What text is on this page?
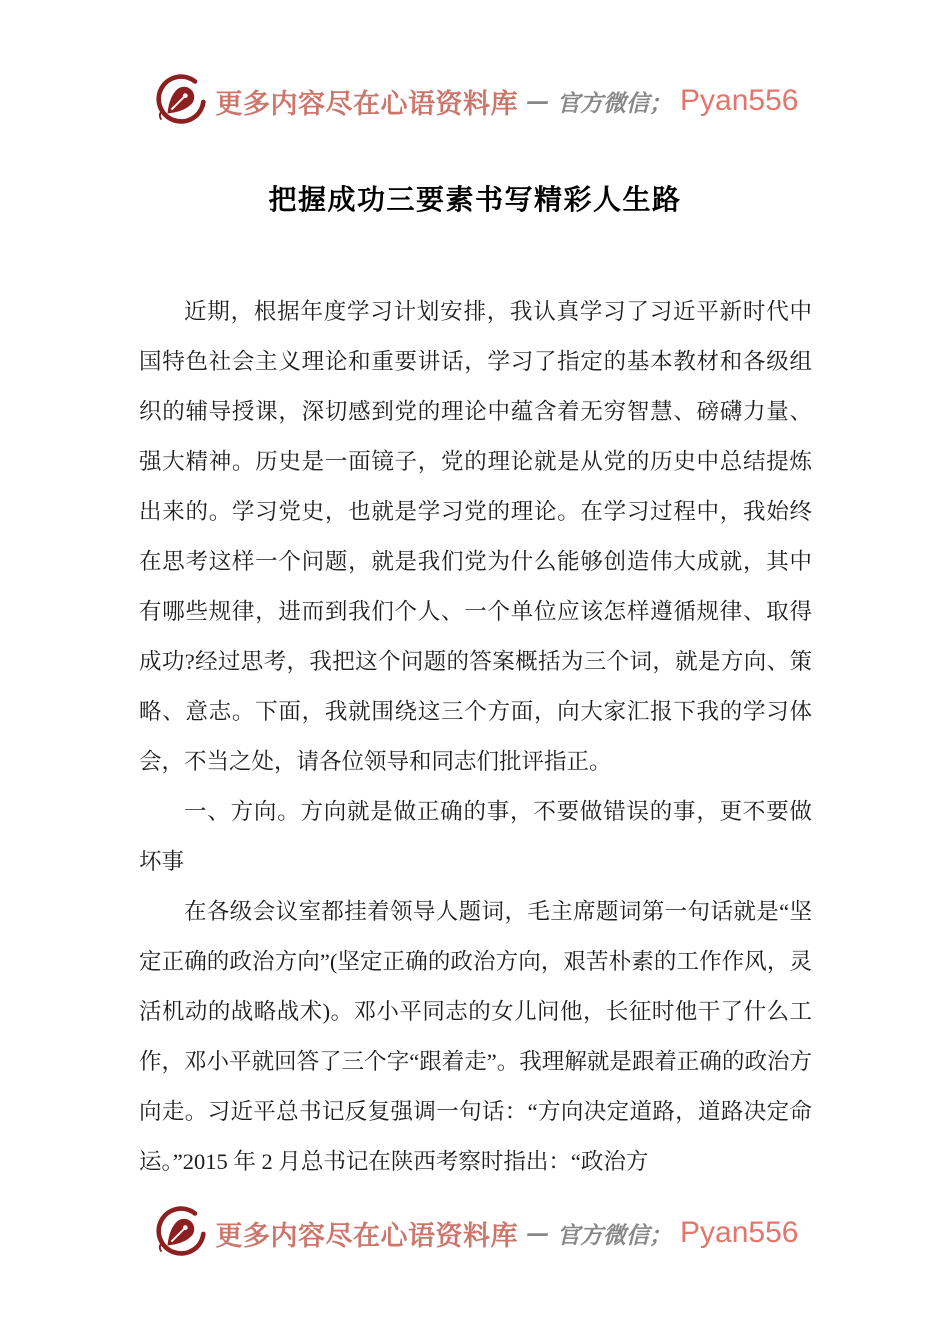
更多内容尽在心语资料库 — 官方微信； Pyan556
把握成功三要素书写精彩人生路

近期，根据年度学习计划安排，我认真学习了习近平新时代中国特色社会主义理论和重要讲话，学习了指定的基本教材和各级组织的辅导授课，深切感到党的理论中蕴含着无穷智慧、磅礴力量、强大精神。历史是一面镜子，党的理论就是从党的历史中总结提炼出来的。学习党史，也就是学习党的理论。在学习过程中，我始终在思考这样一个问题，就是我们党为什么能够创造伟大成就，其中有哪些规律，进而到我们个人、一个单位应该怎样遵循规律、取得成功?经过思考，我把这个问题的答案概括为三个词，就是方向、策略、意志。下面，我就围绕这三个方面，向大家汇报下我的学习体会，不当之处，请各位领导和同志们批评指正。

一、方向。方向就是做正确的事，不要做错误的事，更不要做坏事

在各级会议室都挂着领导人题词，毛主席题词第一句话就是“坚定正确的政治方向”(坚定正确的政治方向，艰苦朴素的工作作风，灵活机动的战略战术)。邓小平同志的女儿问他，长征时他干了什么工作，邓小平就回答了三个字“跟着走”。我理解就是跟着正确的政治方向走。习近平总书记反复强调一句话：“方向决定道路，道路决定命运。”2015 年 2 月总书记在陕西考察时指出：“政治方

更多内容尽在心语资料库 — 官方微信； Pyan556
